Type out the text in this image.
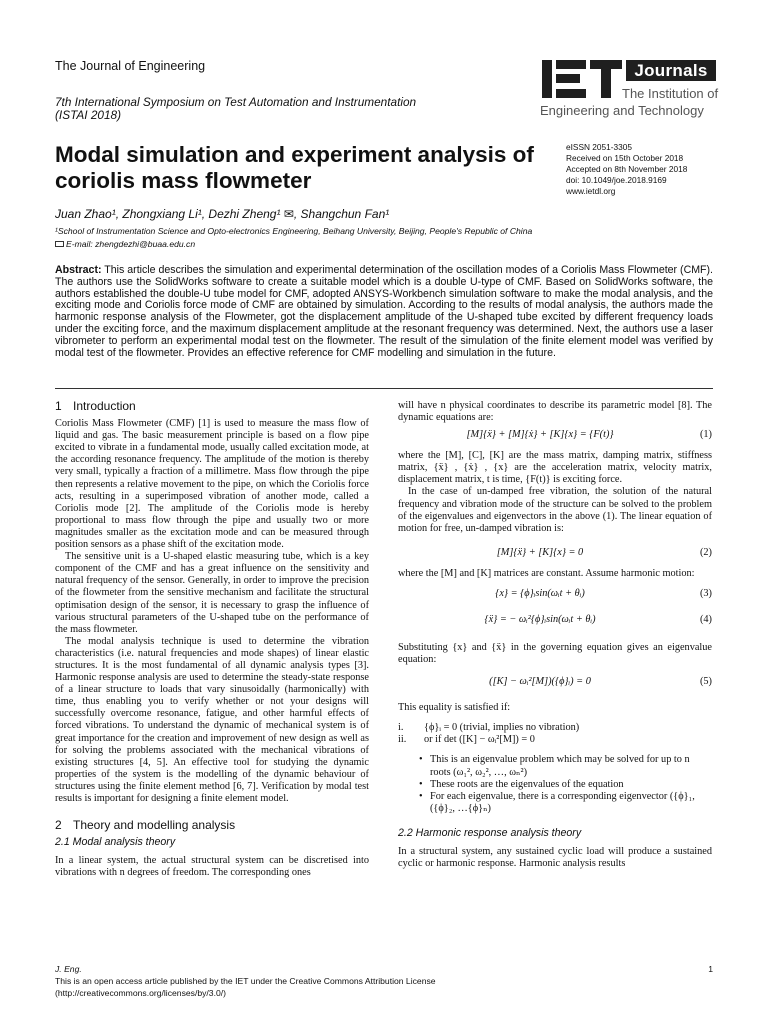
The Journal of Engineering
7th International Symposium on Test Automation and Instrumentation
(ISTAI 2018)
Journals
The Institution of
Engineering and Technology
Modal simulation and experiment analysis of coriolis mass flowmeter
eISSN 2051-3305
Received on 15th October 2018
Accepted on 8th November 2018
doi: 10.1049/joe.2018.9169
www.ietdl.org
Juan Zhao¹, Zhongxiang Li¹, Dezhi Zheng¹ ✉, Shangchun Fan¹
¹School of Instrumentation Science and Opto-electronics Engineering, Beihang University, Beijing, People's Republic of China
E-mail: zhengdezhi@buaa.edu.cn
Abstract: This article describes the simulation and experimental determination of the oscillation modes of a Coriolis Mass Flowmeter (CMF). The authors use the SolidWorks software to create a suitable model which is a double U-type of CMF. Based on SolidWorks software, the authors established the double-U tube model for CMF, adopted ANSYS-Workbench simulation software to make the modal analysis, and the exciting mode and Coriolis force mode of CMF are obtained by simulation. According to the results of modal analysis, the authors made the harmonic response analysis of the Flowmeter, got the displacement amplitude of the U-shaped tube excited by different frequency loads under the exciting force, and the maximum displacement amplitude at the resonant frequency was determined. Next, the authors use a laser vibrometer to perform an experimental modal test on the flowmeter. The result of the simulation of the finite element model was verified by modal test of the flowmeter. Provides an effective reference for CMF modelling and simulation in the future.
1 Introduction

Coriolis Mass Flowmeter (CMF) [1] is used to measure the mass flow of liquid and gas. The basic measurement principle is based on a flow pipe excited to vibrate in a fundamental mode, usually called excitation mode, at the according resonance frequency. The amplitude of the motion is thereby very small, typically a fraction of a millimetre. Mass flow through the pipe then represents a relative movement to the pipe, on which the Coriolis force acts, resulting in a superimposed vibration of another mode, called a Coriolis mode [2]. The amplitude of the Coriolis mode is hereby proportional to mass flow through the pipe and usually two or more magnitudes smaller as the excitation mode and can be measured through position sensors as a phase shift of the excitation mode.

The sensitive unit is a U-shaped elastic measuring tube, which is a key component of the CMF and has a great influence on the sensitivity and natural frequency of the sensor. Generally, in order to improve the precision of the flowmeter from the sensitive mechanism and facilitate the structural optimisation design of the sensor, it is necessary to grasp the influence of various structural parameters of the U-shaped tube on the performance of the mass flowmeter.

The modal analysis technique is used to determine the vibration characteristics (i.e. natural frequencies and mode shapes) of linear elastic structures. It is the most fundamental of all dynamic analysis types [3]. Harmonic response analysis are used to determine the steady-state response of a linear structure to loads that vary sinusoidally (harmonically) with time, thus enabling you to verify whether or not your designs will successfully overcome resonance, fatigue, and other harmful effects of forced vibrations. To understand the dynamic of mechanical system is of great importance for the creation and improvement of new design as well as for solving the problems associated with the mechanical vibrations of existing structures [4, 5]. An effective tool for studying the dynamic properties of the system is the modelling of the dynamic behaviour of structures using the finite element method [6, 7]. Verification by modal test results is important for designing a finite element model.

2 Theory and modelling analysis
2.1 Modal analysis theory

In a linear system, the actual structural system can be discretised into vibrations with n degrees of freedom. The corresponding ones

will have n physical coordinates to describe its parametric model [8]. The dynamic equations are:

[M]{ẍ} + [M]{ẋ} + [K]{x} = {F(t)}	(1)

where the [M], [C], [K] are the mass matrix, damping matrix, stiffness matrix, {ẍ} , {ẋ} , {x} are the acceleration matrix, velocity matrix, displacement matrix, t is time, {F(t)} is exciting force.

In the case of un-damped free vibration, the solution of the natural frequency and vibration mode of the structure can be solved to the problem of the eigenvalues and eigenvectors in the above (1). The linear equation of motion for free, un-damped vibration is:

[M]{ẍ} + [K]{x} = 0	(2)

where the [M] and [K] matrices are constant. Assume harmonic motion:

{x} = {ϕ}ᵢsin(ωᵢt + θᵢ)	(3)
{ẍ} = − ωᵢ²{ϕ}ᵢsin(ωᵢt + θᵢ)	(4)

Substituting {x} and {ẍ} in the governing equation gives an eigenvalue equation:

([K] − ωᵢ²[M])({ϕ}ᵢ) = 0	(5)

This equality is satisfied if:

i. {ϕ}ᵢ = 0 (trivial, implies no vibration)
ii. or if det ([K] − ωᵢ²[M]) = 0
• This is an eigenvalue problem which may be solved for up to n roots (ω₁², ω₂², …, ωₙ²)
• These roots are the eigenvalues of the equation
• For each eigenvalue, there is a corresponding eigenvector ({ϕ}₁, ({ϕ}₂, …{ϕ}ₙ)
2.2 Harmonic response analysis theory

In a structural system, any sustained cyclic load will produce a sustained cyclic or harmonic response. Harmonic analysis results

J. Eng.
This is an open access article published by the IET under the Creative Commons Attribution License
(http://creativecommons.org/licenses/by/3.0/)
1
